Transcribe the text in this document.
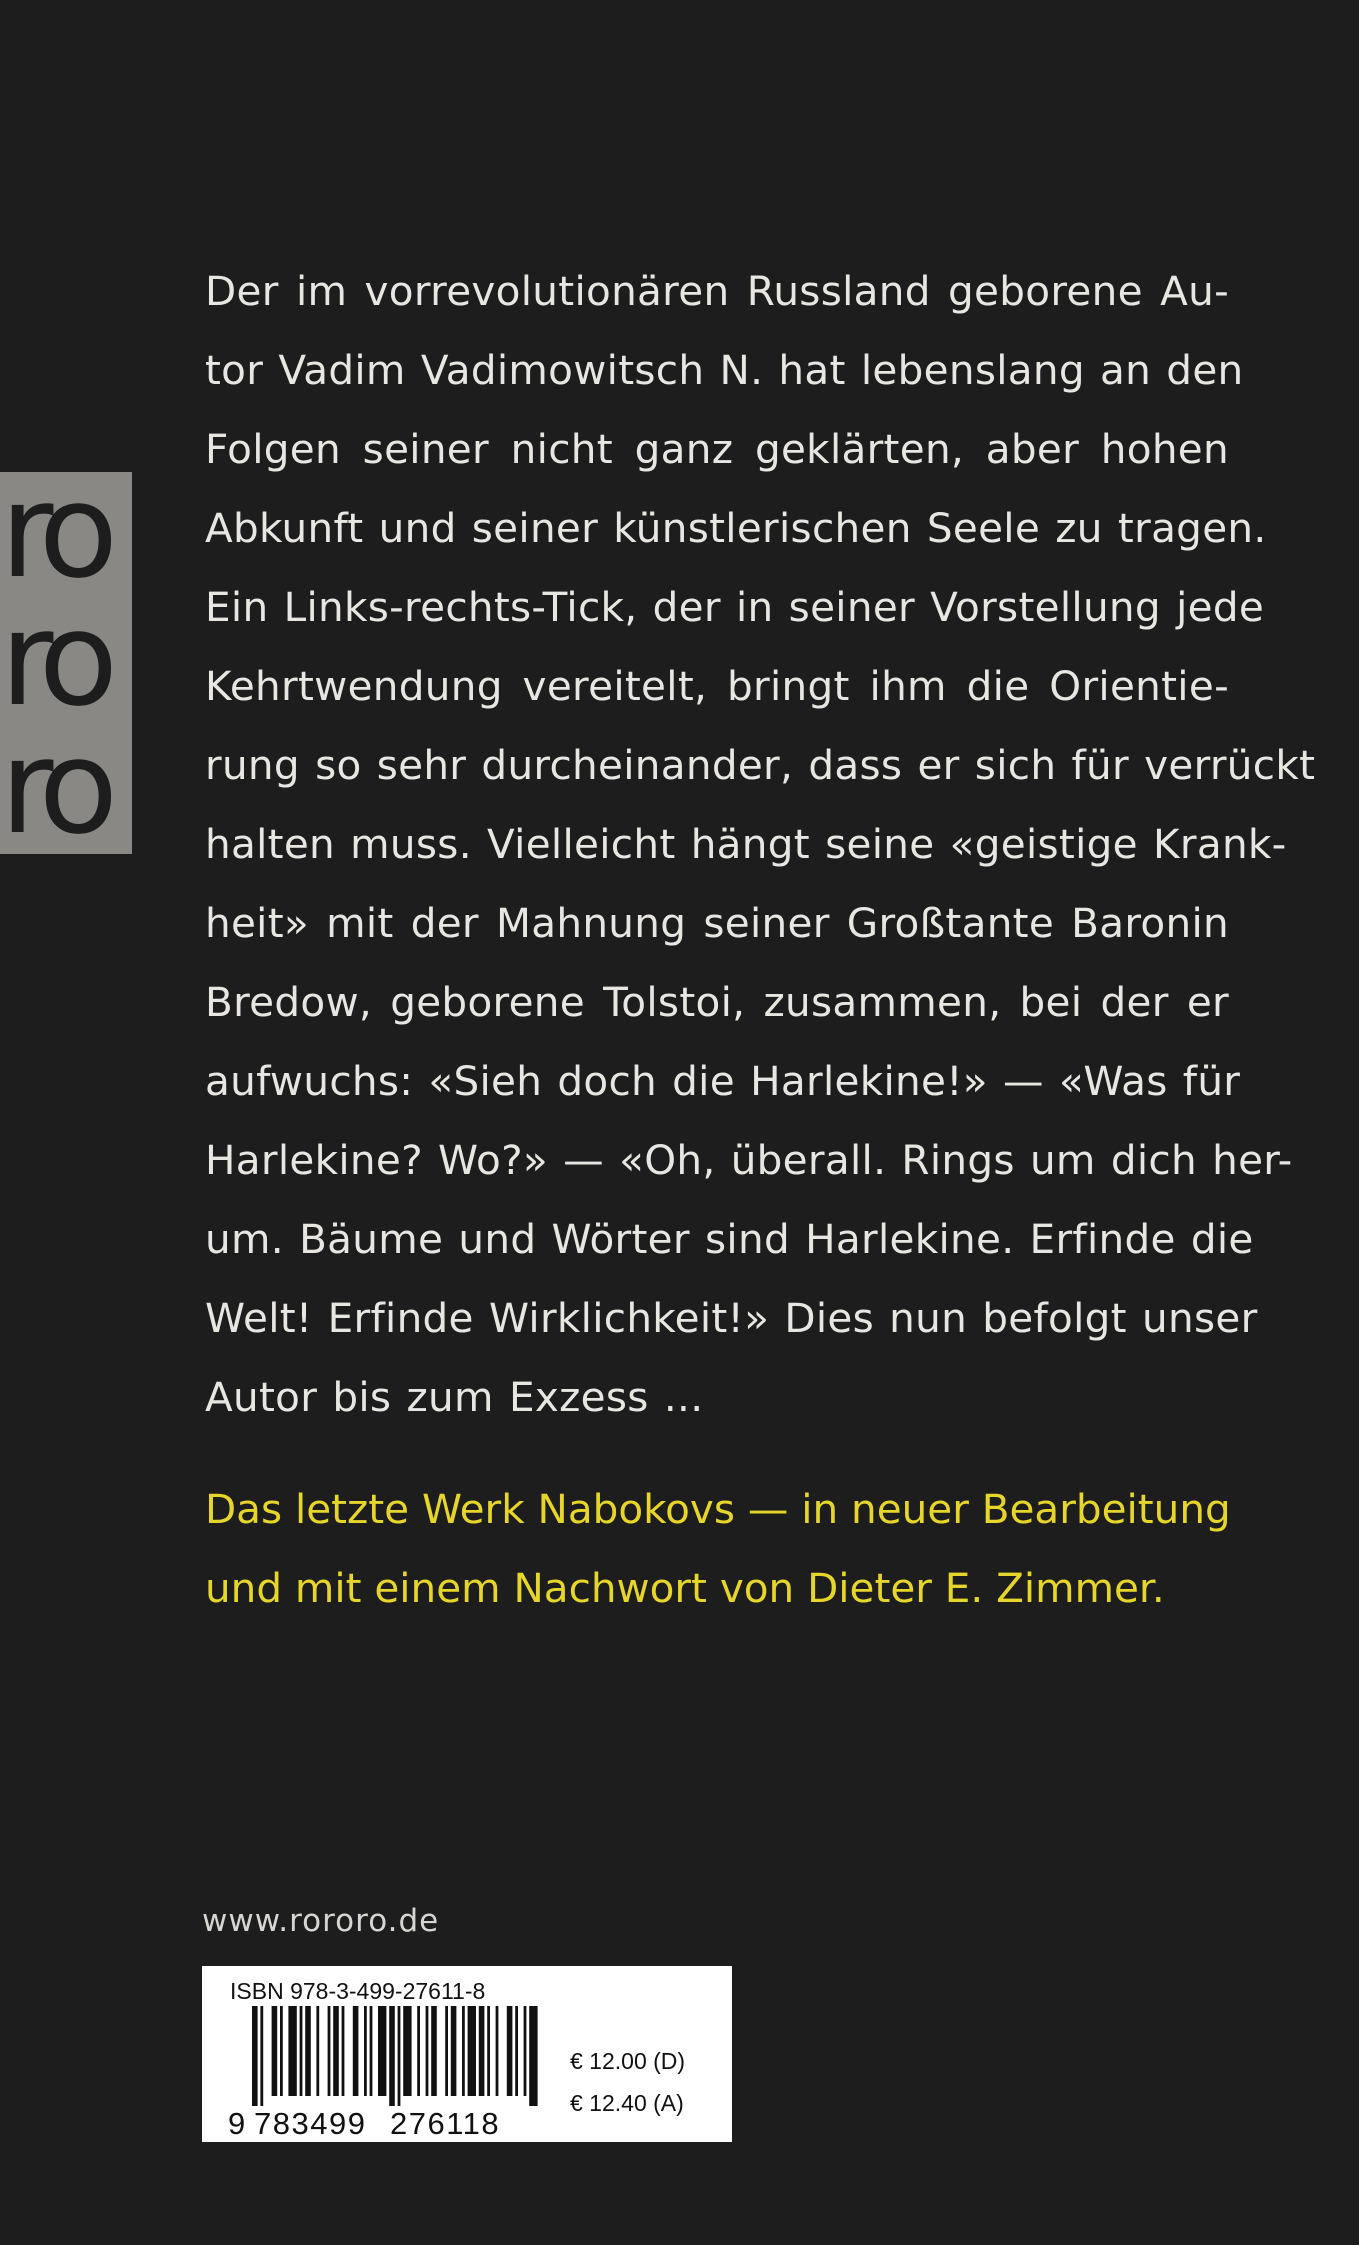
ro
ro
ro
Der im vorrevolutionären Russland geborene Au-
tor Vadim Vadimowitsch N. hat lebenslang an den
Folgen seiner nicht ganz geklärten, aber hohen
Abkunft und seiner künstlerischen Seele zu tragen.
Ein Links-rechts-Tick, der in seiner Vorstellung jede
Kehrtwendung vereitelt, bringt ihm die Orientie-
rung so sehr durcheinander, dass er sich für verrückt
halten muss. Vielleicht hängt seine «geistige Krank-
heit» mit der Mahnung seiner Großtante Baronin
Bredow, geborene Tolstoi, zusammen, bei der er
aufwuchs: «Sieh doch die Harlekine!» — «Was für
Harlekine? Wo?» — «Oh, überall. Rings um dich her-
um. Bäume und Wörter sind Harlekine. Erfinde die
Welt! Erfinde Wirklichkeit!» Dies nun befolgt unser
Autor bis zum Exzess ...
Das letzte Werk Nabokovs — in neuer Bearbeitung
und mit einem Nachwort von Dieter E. Zimmer.
www.rororo.de
ISBN 978-3-499-27611-8
9 783499 276118
€ 12.00 (D)
€ 12.40 (A)
